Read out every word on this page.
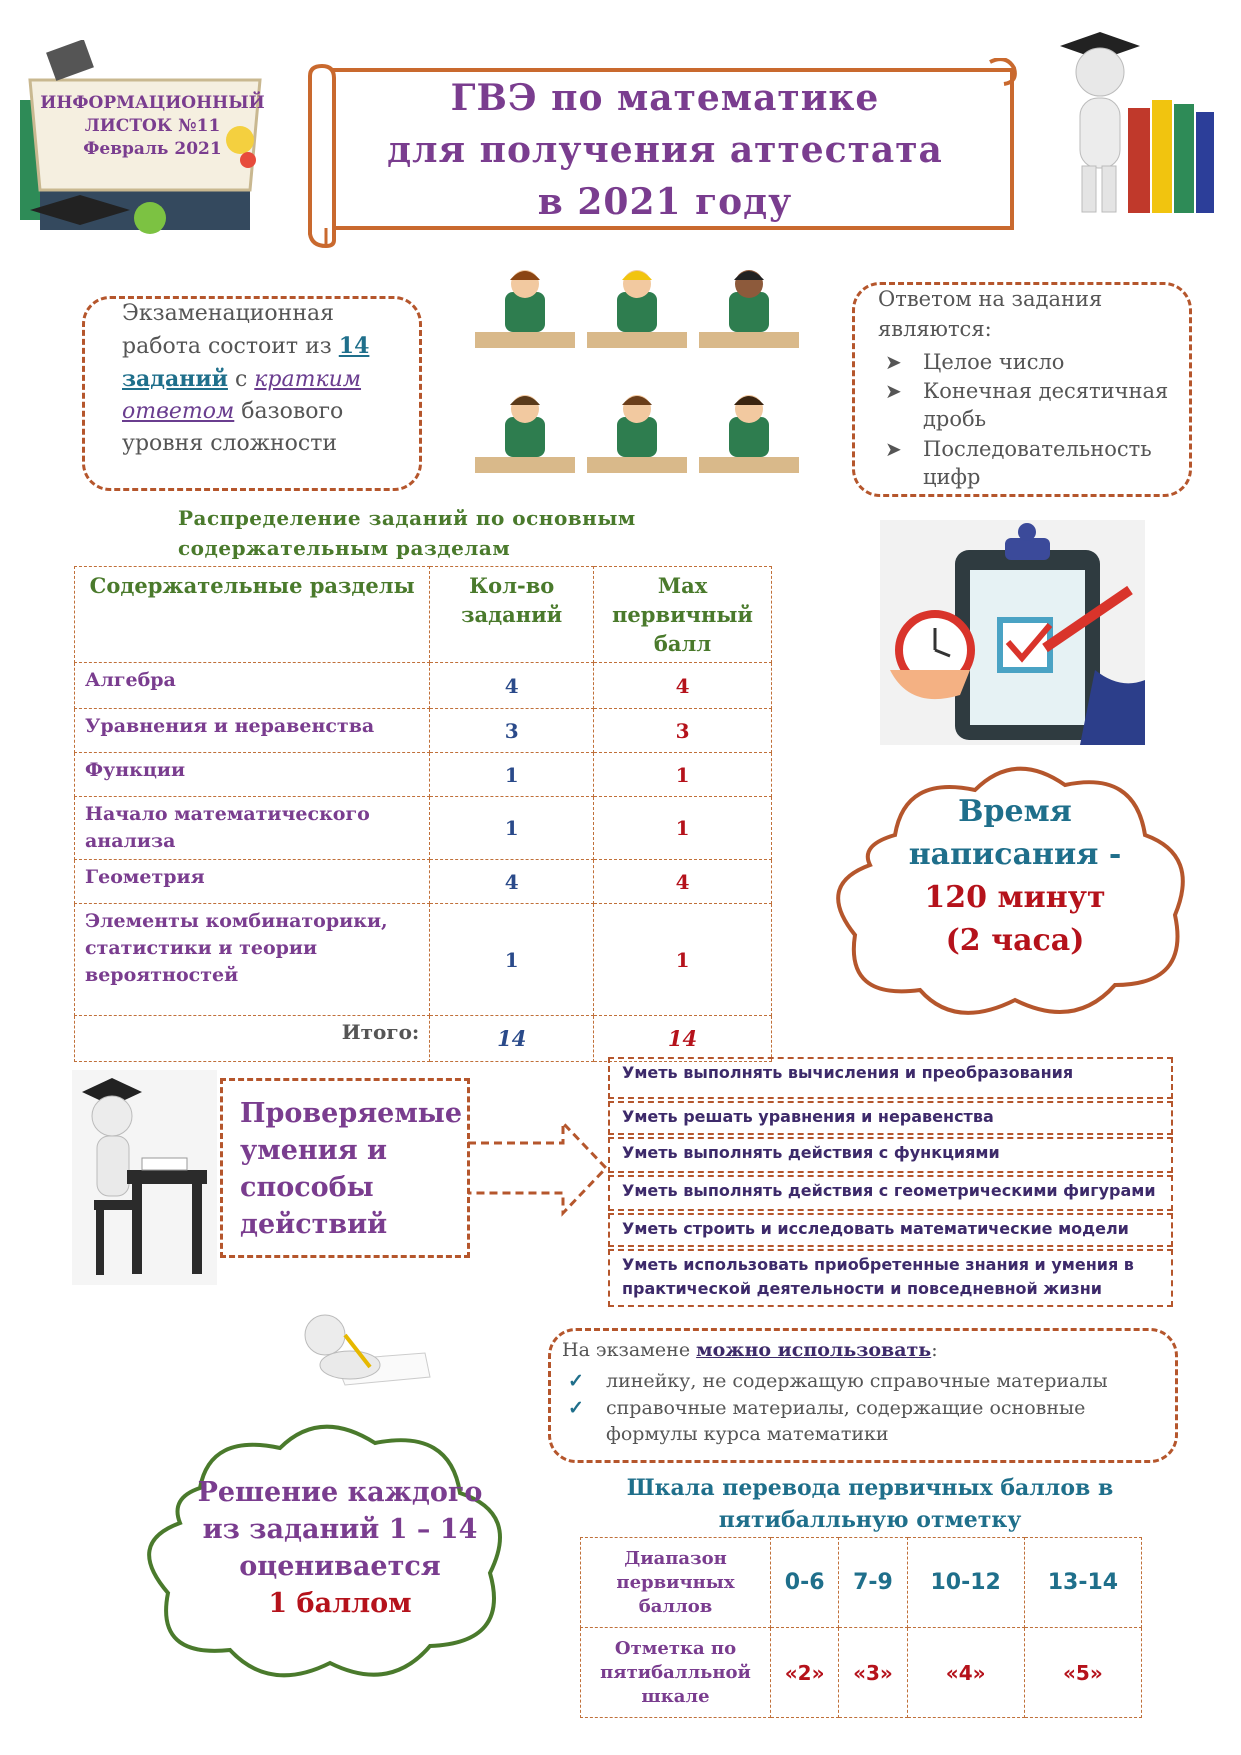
ИНФОРМАЦИОННЫЙ
ЛИСТОК №11
Февраль 2021
ГВЭ по математике
для получения аттестата
в 2021 году
Экзаменационная работа состоит из 14 заданий с кратким ответом базового уровня сложности
Ответом на задания являются:
➤ Целое число
➤ Конечная десятичная дробь
➤ Последовательность цифр
Распределение заданий по основным содержательным разделам
Содержательные разделы	Кол-во заданий	Max первичный балл
Алгебра	4	4
Уравнения и неравенства	3	3
Функции	1	1
Начало математического анализа	1	1
Геометрия	4	4
Элементы комбинаторики, статистики и теории вероятностей	1	1
Итого:	14	14
Время
написания -
120 минут
(2 часа)
Проверяемые умения и способы действий
Уметь выполнять вычисления и преобразования
Уметь решать уравнения и неравенства
Уметь выполнять действия с функциями
Уметь выполнять действия с геометрическими фигурами
Уметь строить и исследовать математические модели
Уметь использовать приобретенные знания и умения в практической деятельности и повседневной жизни
На экзамене можно использовать:
✓ линейку, не содержащую справочные материалы
✓ справочные материалы, содержащие основные формулы курса математики
Решение каждого
из заданий 1 – 14
оценивается
1 баллом
Шкала перевода первичных баллов в пятибалльную отметку
Диапазон первичных баллов	0-6	7-9	10-12	13-14
Отметка по пятибалльной шкале	«2»	«3»	«4»	«5»
